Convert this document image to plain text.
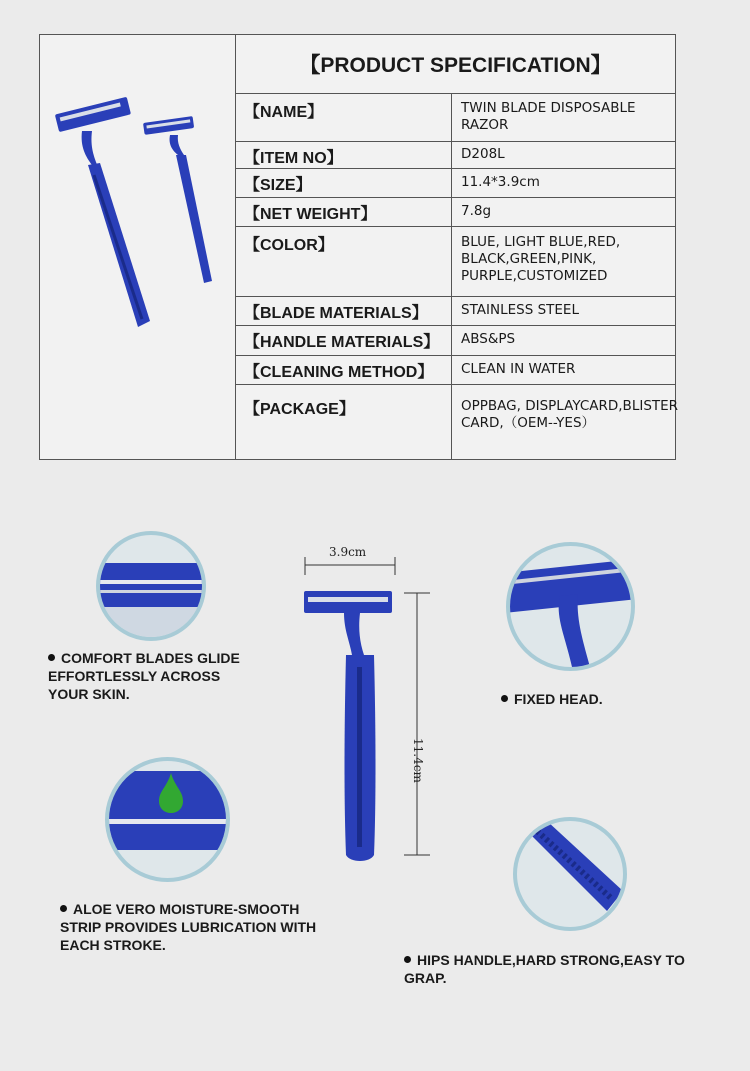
【PRODUCT SPECIFICATION】
【NAME】	TWIN BLADE DISPOSABLE RAZOR
【ITEM NO】	D208L
【SIZE】	11.4*3.9cm
【NET WEIGHT】	7.8g
【COLOR】	BLUE, LIGHT BLUE,RED, BLACK,GREEN,PINK, PURPLE,CUSTOMIZED
【BLADE MATERIALS】	STAINLESS STEEL
【HANDLE MATERIALS】	ABS&PS
【CLEANING METHOD】	CLEAN IN WATER
【PACKAGE】	OPPBAG, DISPLAYCARD,BLISTER CARD,（OEM--YES）
COMFORT BLADES GLIDE EFFORTLESSLY ACROSS YOUR SKIN.	FIXED HEAD.
ALOE VERO MOISTURE-SMOOTH STRIP PROVIDES LUBRICATION WITH EACH STROKE.
HIPS HANDLE,HARD STRONG,EASY TO GRAP.
3.9cm
11.4cm
